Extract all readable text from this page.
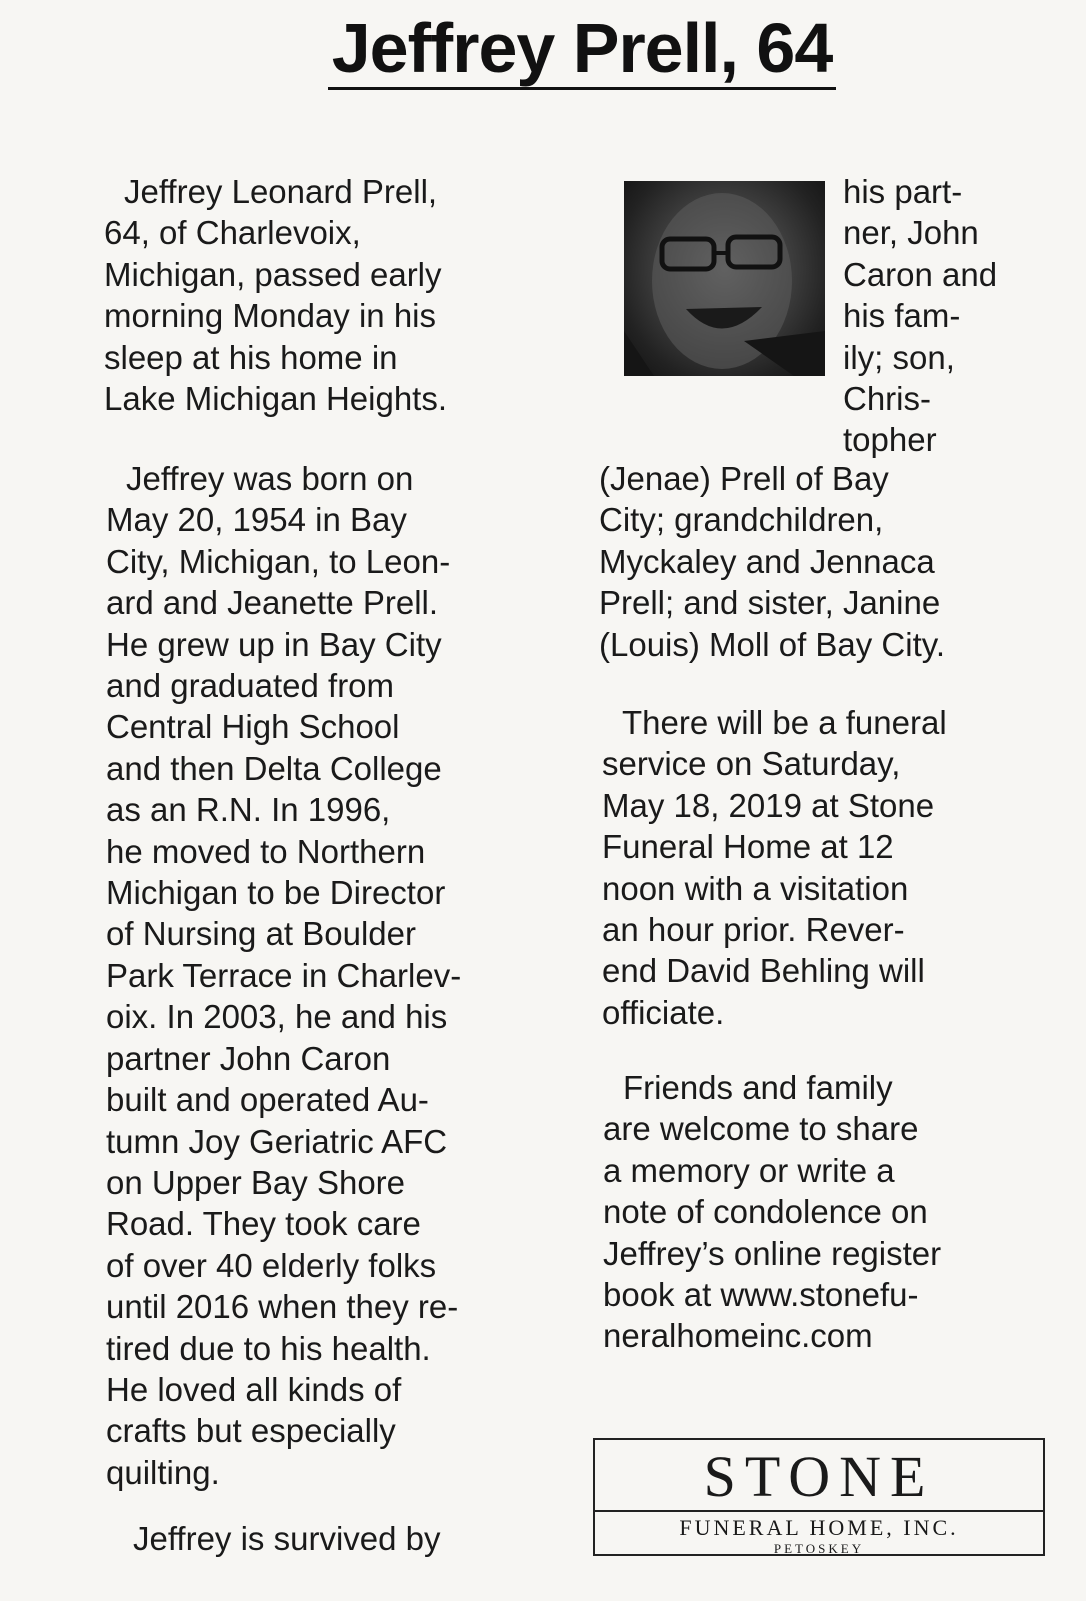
Jeffrey Prell, 64
Jeffrey Leonard Prell,
64, of Charlevoix,
Michigan, passed early
morning Monday in his
sleep at his home in
Lake Michigan Heights.
Jeffrey was born on
May 20, 1954 in Bay
City, Michigan, to Leon-
ard and Jeanette Prell.
He grew up in Bay City
and graduated from
Central High School
and then Delta College
as an R.N. In 1996,
he moved to Northern
Michigan to be Director
of Nursing at Boulder
Park Terrace in Charlev-
oix. In 2003, he and his
partner John Caron
built and operated Au-
tumn Joy Geriatric AFC
on Upper Bay Shore
Road. They took care
of over 40 elderly folks
until 2016 when they re-
tired due to his health.
He loved all kinds of
crafts but especially
quilting.
Jeffrey is survived by
his part-
ner, John
Caron and
his fam-
ily; son,
Chris-
topher
(Jenae) Prell of Bay
City; grandchildren,
Myckaley and Jennaca
Prell; and sister, Janine
(Louis) Moll of Bay City.
There will be a funeral
service on Saturday,
May 18, 2019 at Stone
Funeral Home at 12
noon with a visitation
an hour prior. Rever-
end David Behling will
officiate.
Friends and family
are welcome to share
a memory or write a
note of condolence on
Jeffrey’s online register
book at www.stonefu-
neralhomeinc.com
STONE
FUNERAL HOME, INC.
PETOSKEY
